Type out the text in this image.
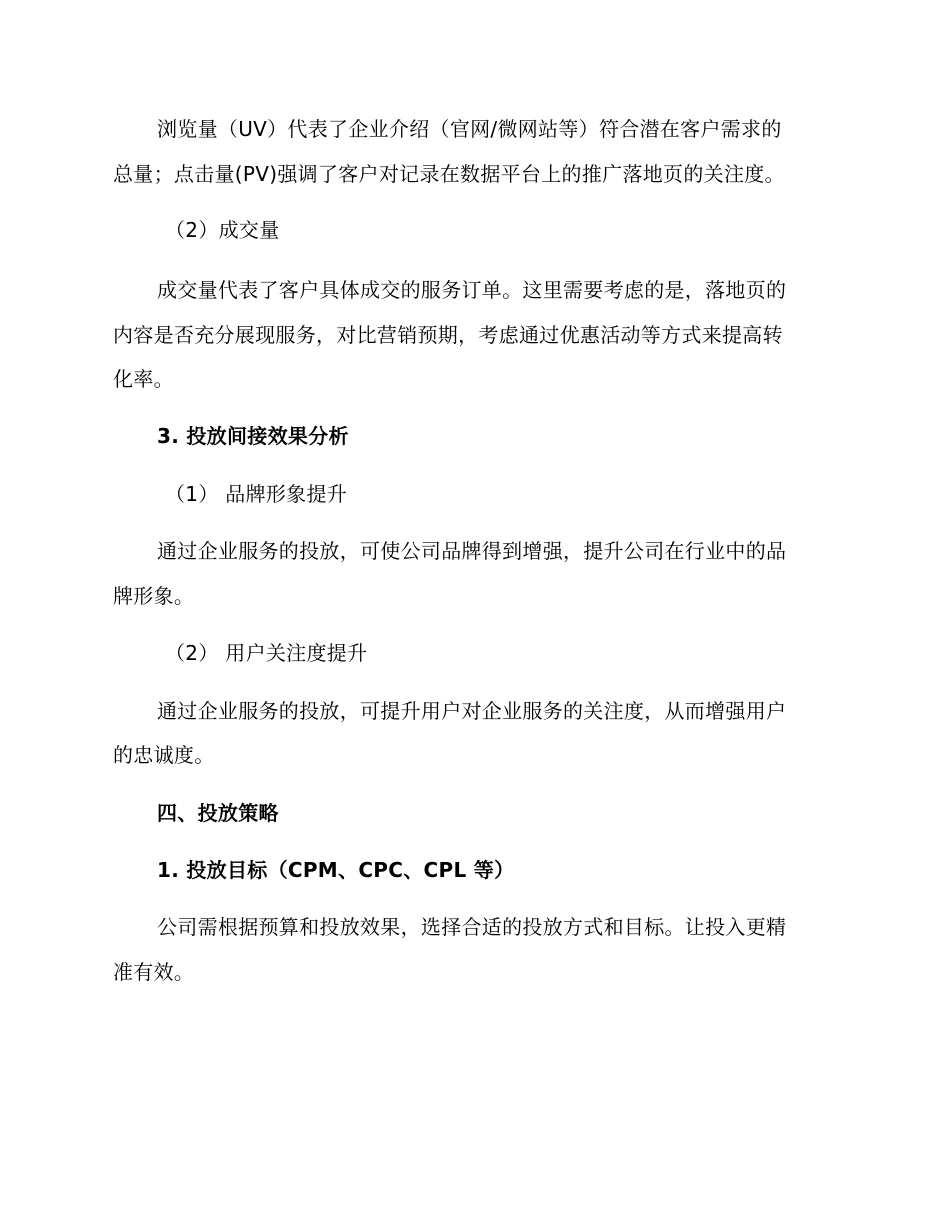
浏览量（UV）代表了企业介绍（官网/微网站等）符合潜在客户需求的
总量；点击量(PV)强调了客户对记录在数据平台上的推广落地页的关注度。
（2）成交量
成交量代表了客户具体成交的服务订单。这里需要考虑的是，落地页的
内容是否充分展现服务，对比营销预期，考虑通过优惠活动等方式来提高转
化率。
3. 投放间接效果分析
（1） 品牌形象提升
通过企业服务的投放，可使公司品牌得到增强，提升公司在行业中的品
牌形象。
（2） 用户关注度提升
通过企业服务的投放，可提升用户对企业服务的关注度，从而增强用户
的忠诚度。
四、投放策略
1. 投放目标（CPM、CPC、CPL 等）
公司需根据预算和投放效果，选择合适的投放方式和目标。让投入更精
准有效。
